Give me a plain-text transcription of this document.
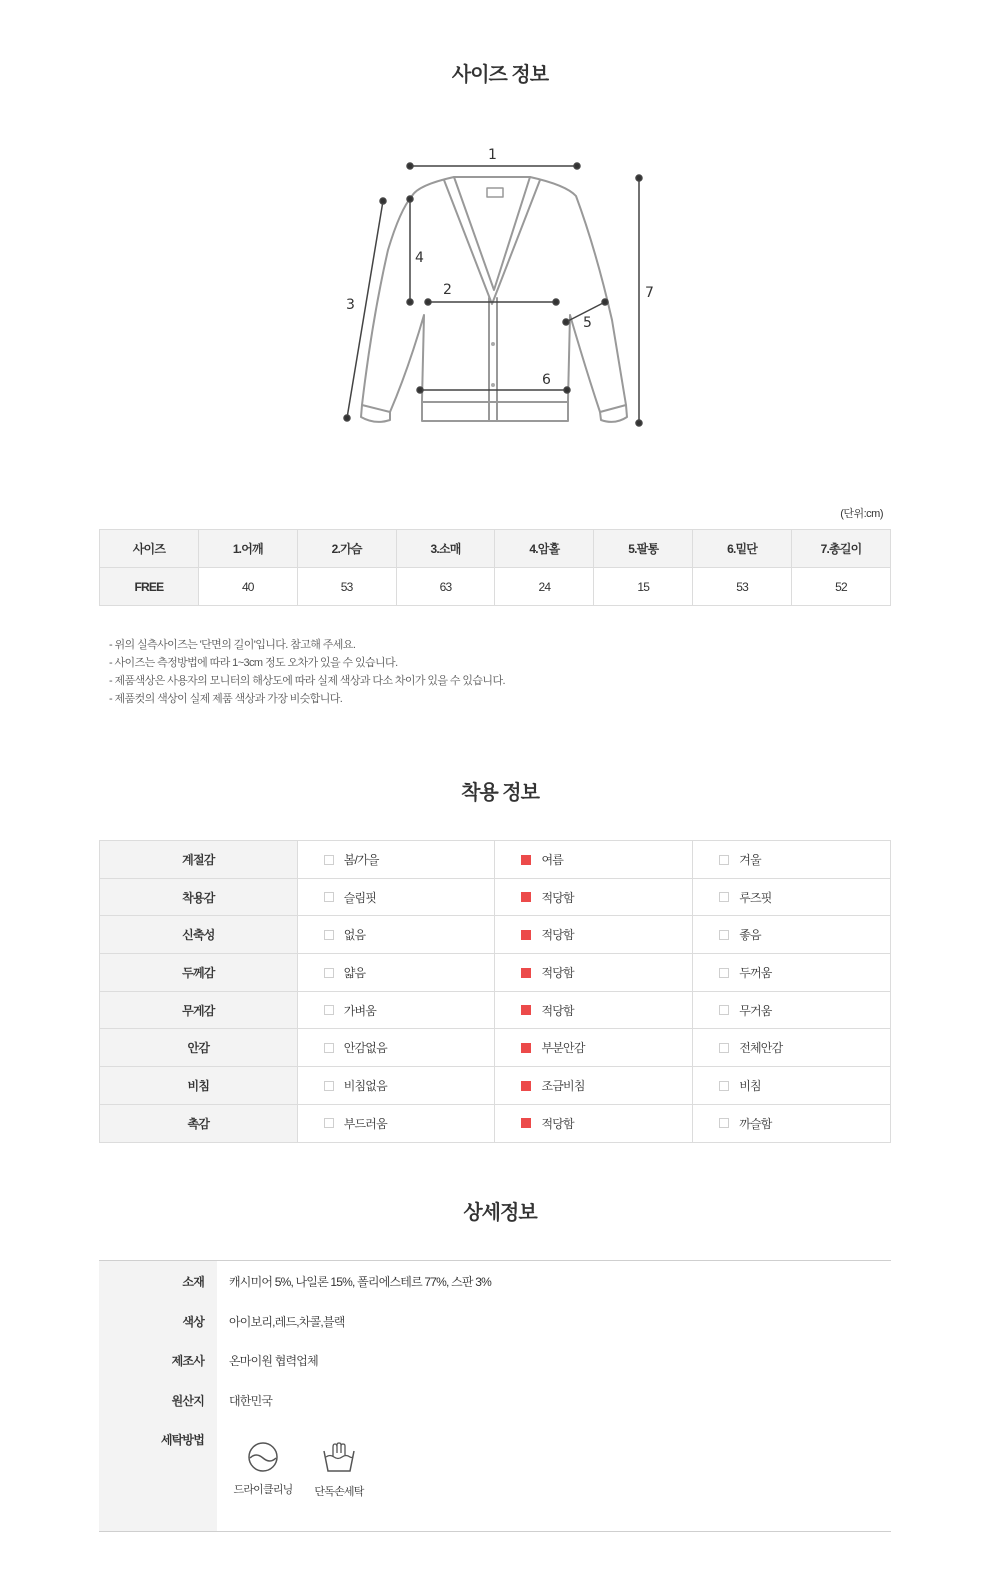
사이즈 정보
1
2
3
4
5
6
7
(단위:cm)
사이즈	1.어깨	2.가슴	3.소매	4.암홀	5.팔통	6.밑단	7.총길이
FREE	40	53	63	24	15	53	52
- 위의 실측사이즈는 '단면의 길이'입니다. 참고해 주세요.
- 사이즈는 측정방법에 따라 1~3cm 정도 오차가 있을 수 있습니다.
- 제품색상은 사용자의 모니터의 해상도에 따라 실제 색상과 다소 차이가 있을 수 있습니다.
- 제품컷의 색상이 실제 제품 색상과 가장 비슷합니다.
착용 정보
계절감	봄/가을	여름	겨울
착용감	슬림핏	적당함	루즈핏
신축성	없음	적당함	좋음
두께감	얇음	적당함	두꺼움
무게감	가벼움	적당함	무거움
안감	안감없음	부분안감	전체안감
비침	비침없음	조금비침	비침
촉감	부드러움	적당함	까슬함
상세정보
소재 캐시미어 5%, 나일론 15%, 폴리에스테르 77%, 스판 3%
색상 아이보리,레드,차콜,블랙
제조사 온마이원 협력업체
원산지 대한민국
세탁방법
드라이클리닝	단독손세탁
